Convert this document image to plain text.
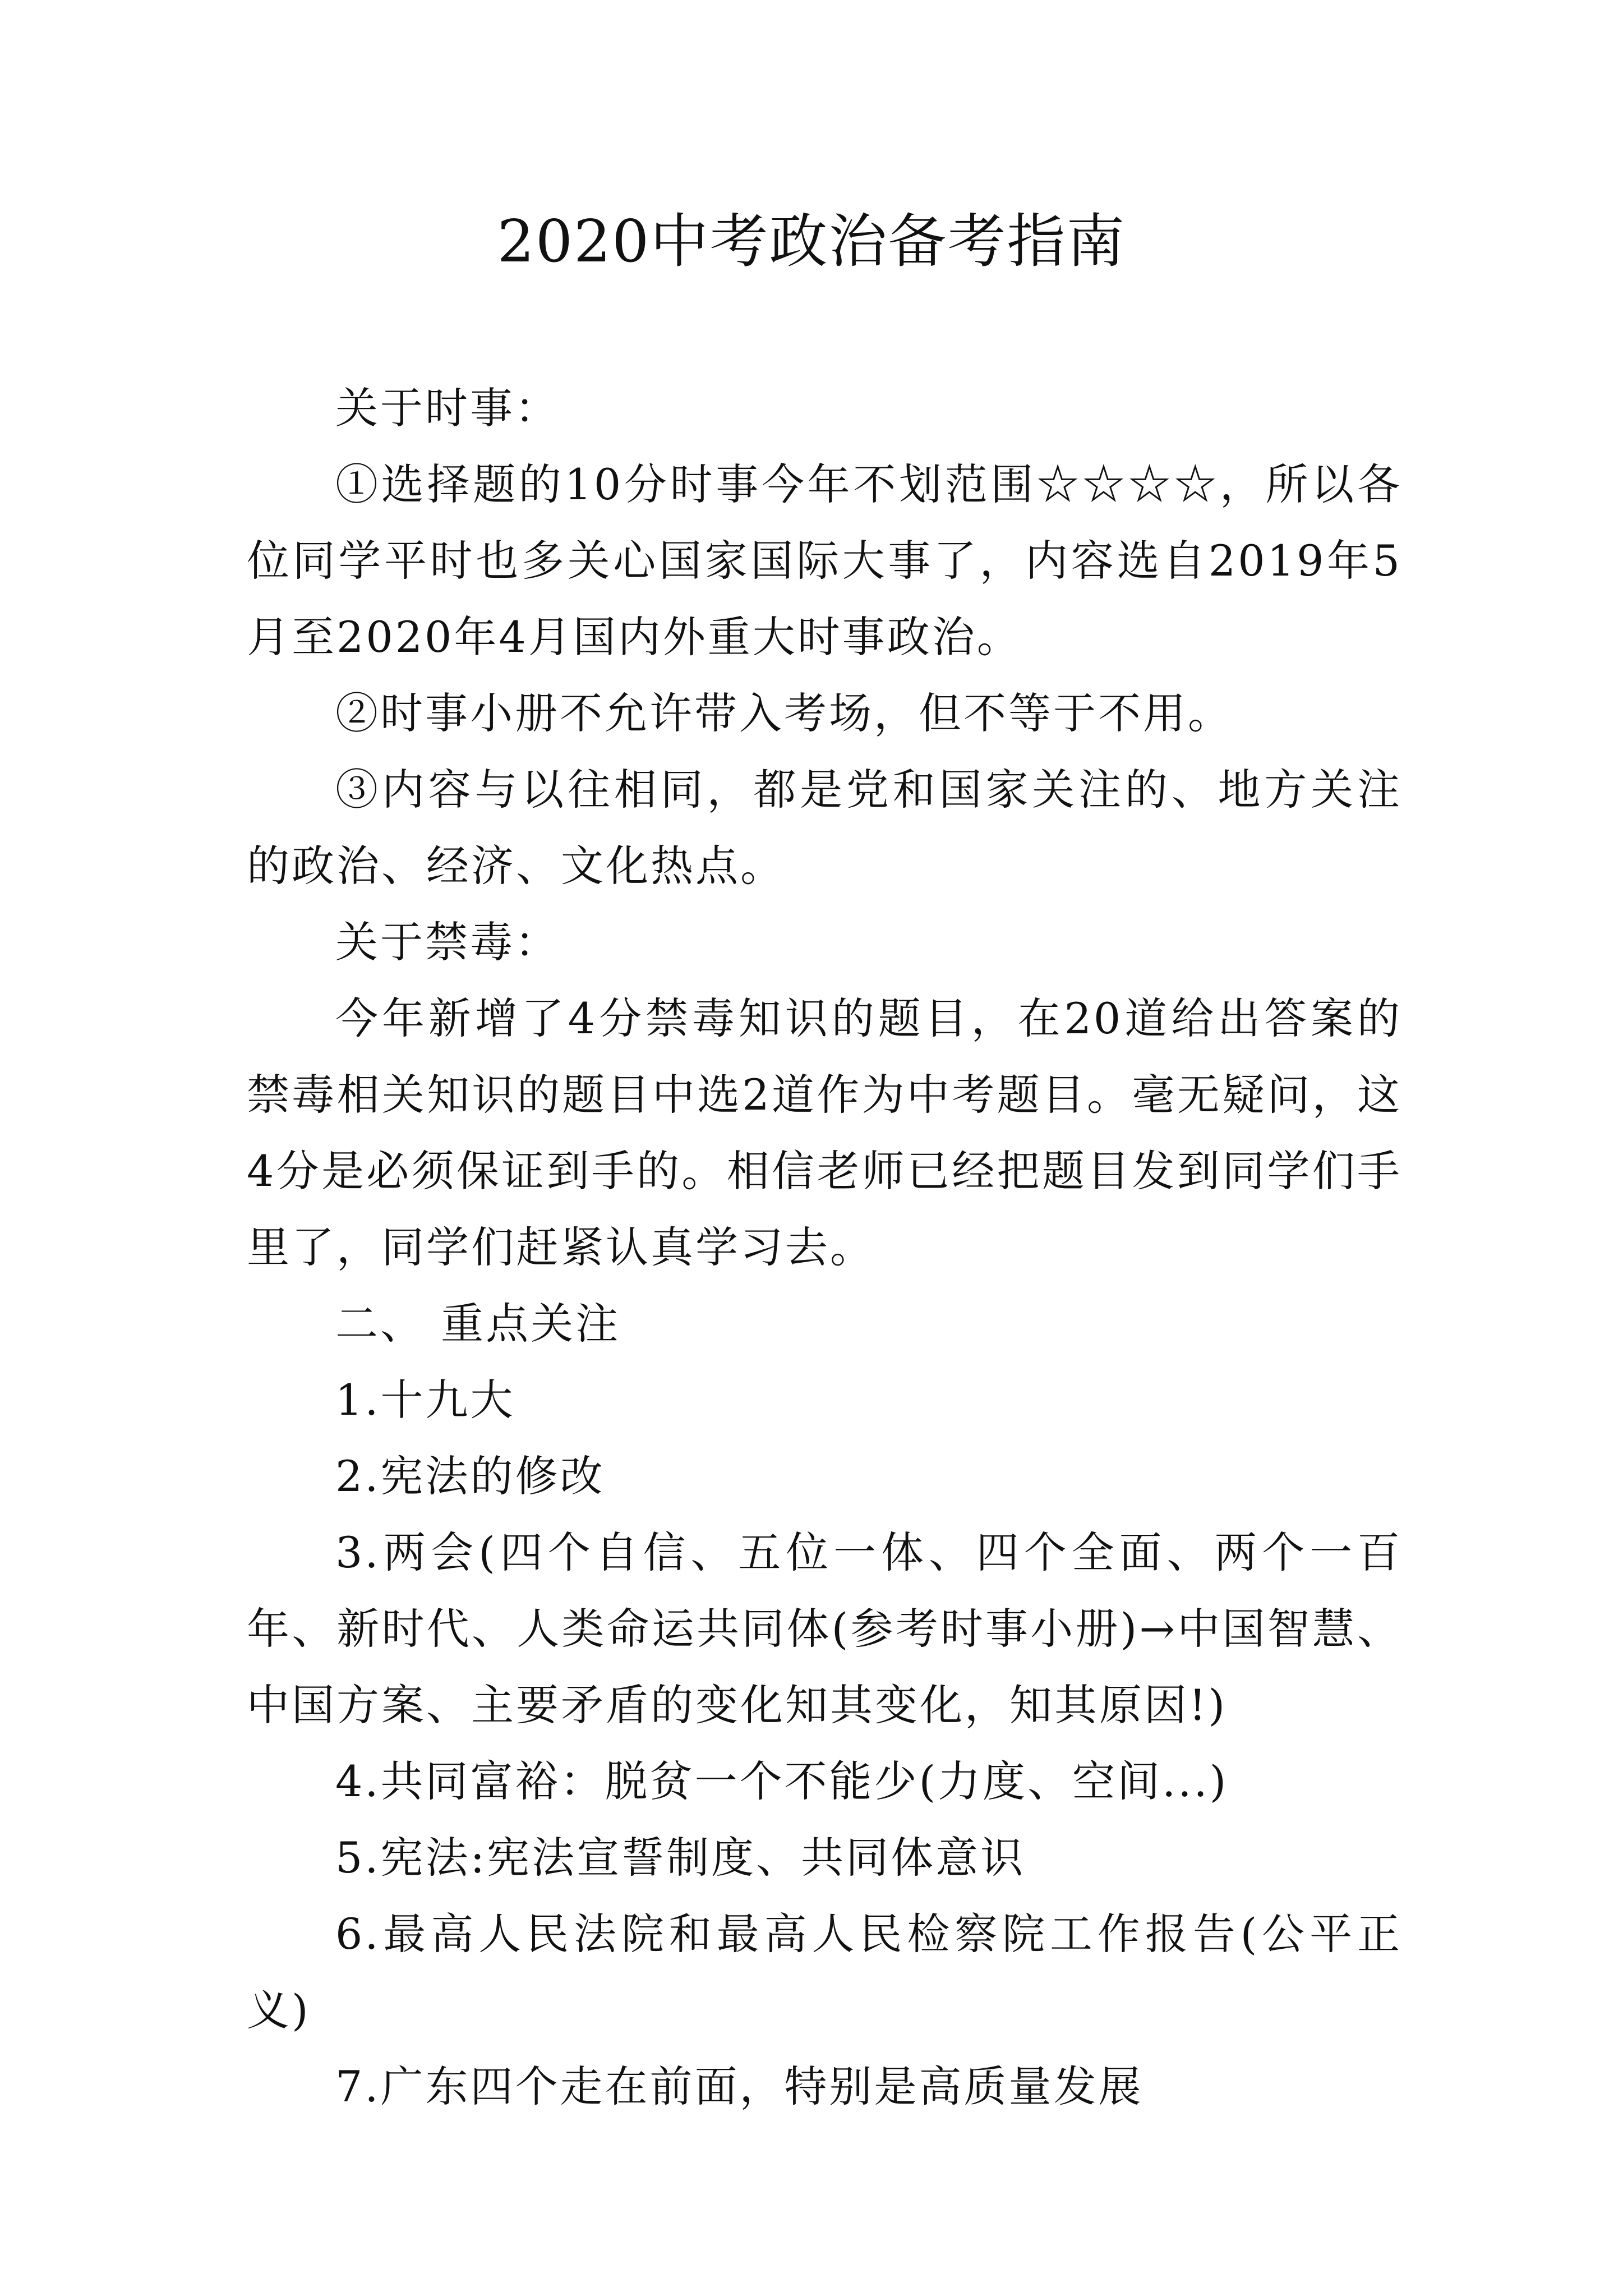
2020中考政治备考指南

关于时事：

①选择题的10分时事今年不划范围☆☆☆☆，所以各位同学平时也多关心国家国际大事了，内容选自2019年5月至2020年4月国内外重大时事政治。

②时事小册不允许带入考场，但不等于不用。

③内容与以往相同，都是党和国家关注的、地方关注的政治、经济、文化热点。

关于禁毒：

今年新增了4分禁毒知识的题目，在20道给出答案的禁毒相关知识的题目中选2道作为中考题目。毫无疑问，这4分是必须保证到手的。相信老师已经把题目发到同学们手里了，同学们赶紧认真学习去。

二、 重点关注

1.十九大

2.宪法的修改

3.两会(四个自信、五位一体、四个全面、两个一百年、新时代、人类命运共同体(参考时事小册)→中国智慧、中国方案、主要矛盾的变化知其变化，知其原因!)

4.共同富裕：脱贫一个不能少(力度、空间...)

5.宪法:宪法宣誓制度、共同体意识

6.最高人民法院和最高人民检察院工作报告(公平正义)

7.广东四个走在前面，特别是高质量发展
